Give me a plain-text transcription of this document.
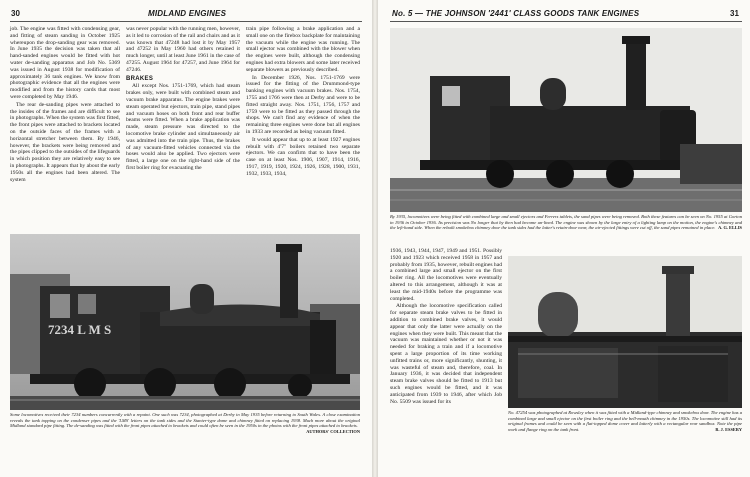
30	MIDLAND ENGINES

job. The engine was fitted with condensing gear, and fitting of steam sanding in October 1925 whereupon the drop-sanding gear was removed. In June 1935 the decision was taken that all hand-sanded engines would be fitted with hot water de-sanding apparatus and Job No. 5369 was issued in August 1938 for modification of approximately 36 tank engines. We know from photographic evidence that all the engines were modified and from the history cards that most were completed by May 1946.

The rear de-sanding pipes were attached to the insides of the frames and are difficult to see in photographs. When the system was first fitted, the front pipes were attached to brackets located on the outside faces of the frames with a horizontal stretcher between them. By 1946, however, the brackets were being removed and the pipes clipped to the outsides of the lifeguards in which position they are relatively easy to see in photographs. It appears that by about the early 1950s all the engines had been altered. The system

was never popular with the running men, however, as it led to corrosion of the rail and chairs and as it was known that 47248 had lost it by May 1957 and 47252 in May 1960 had others retained it much longer, until at least June 1961 in the case of 47255. August 1964 for 47257, and June 1964 for 47246.

BRAKES

All except Nos. 1751-1769, which had steam brakes only, were built with combined steam and vacuum brake apparatus. The engine brakes were steam operated but ejectors, train pipe, stand pipes and vacuum hoses on both front and rear buffer beams were fitted. When a brake application was made, steam pressure was directed to the locomotive brake cylinder and simultaneously air was admitted into the train pipe. Thus, the brakes of any vacuum-fitted vehicles connected via the hoses would also be applied. Two ejectors were fitted, a large one on the right-hand side of the first boiler ring for evacuating the

train pipe following a brake application and a small one on the firebox backplate for maintaining the vacuum while the engine was running. The small ejector was combined with the blower when the engines were built, although the condensing engines had extra blowers and some later received separate blowers as previously described.

In December 1926, Nos. 1751-1769 were issued for the fitting of the Drummond-type banking engines with vacuum brakes. Nos. 1754, 1755 and 1766 were then at Derby and were to be fitted straight away. Nos. 1751, 1756, 1757 and 1759 were to be fitted as they passed through the shops. We can't find any evidence of when the remaining three engines were done but all engines in 1933 are recorded as being vacuum fitted.

It would appear that up to at least 1927 engines rebuilt with 4'7" boilers retained two separate ejectors. We can confirm that to have been the case on at least Nos. 1906, 1907, 1914, 1916, 1917, 1919, 1920, 1924, 1926, 1928, 1900, 1931, 1932, 1933, 1934,

7234 L M S
Some locomotives received their 7234 numbers concurrently with a repaint. One such was 7234, photographed at Derby in May 1935 before returning to South Wales. A close examination reveals the tank topping on the condenser pipes and the 'LMS' letters on the tank sides and the Stanier-type dome and chimney fitted on replacing 1938. Much more about the original Midland standard pipe fitting. The de-sanding was fitted with the front pipes attached to brackets and could often be seen in the 1950s in the photos with the front pipes attached to brackets.
AUTHORS' COLLECTION
No. 5 — THE JOHNSON '2441' CLASS GOODS TANK ENGINES	31
By 1935, locomotives were being fitted with combined large and small ejectors and Ferrers tablets, the sand pipes were being removed. Both these features can be seen on No. 1955 at Gorton in 1936 in October 1936. Its precision was No longer that by then had become un-lined. The engine was shown by the large entry of a lighting lamp on the motion, the engine's chimney and the left-hand side. When the rebuilt smokebox chimney door the tank sides had the latter's retain-door near, the air-ejected fittings were cut off, the sand pipes remained in place. A. G. ELLIS

1936, 1943, 1944, 1947, 1949 and 1951. Possibly 1920 and 1923 which received 1958 in 1957 and probably from 1935, however, rebuilt engines had a combined large and small ejector on the first boiler ring. All the locomotives were eventually altered to this arrangement, although it was at least the mid-1940s before the programme was completed.

Although the locomotive specification called for separate steam brake valves to be fitted in addition to combined brake valves, it would appear that only the latter were actually on the engines when they were built. This meant that the vacuum was maintained whether or not it was needed for braking a train and if a locomotive spent a large proportion of its time working unfitted trains or, more significantly, shunting, it was wasteful of steam and, therefore, coal. In January 1936, it was decided that independent steam brake valves should be fitted to 1913 but such engines would be fitted, and it was anticipated from 1939 to 1946, after which Job No. 5509 was issued for its

No. 47254 was photographed at Rowsley when it was fitted with a Midland-type chimney and smokebox door. The engine has a combined large and small ejector on the first boiler ring and the bell-mouth chimney in the 1950s. The locomotive still had its original frames and could be seen with a flat-topped dome cover and latterly with a rectangular rear sandbox. Note the pipe work and flange ring on the tank front.	R. J. ESSERY
